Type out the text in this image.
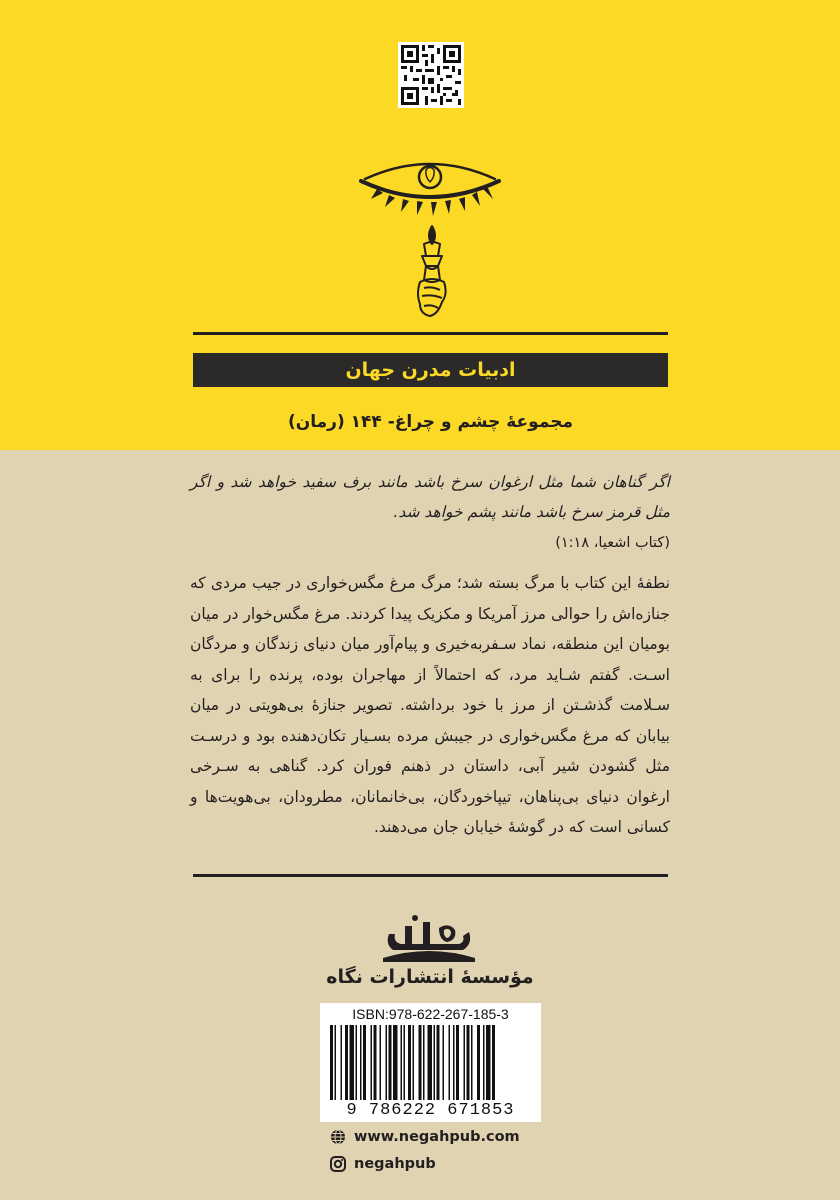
ادبیات مدرن جهان
مجموعۀ چشم و چراغ- ۱۴۴ (رمان)
اگر گناهان شما مثل ارغوان سرخ باشد مانند برف سفید خواهد شد و اگر مثل قرمز سرخ باشد مانند پشم خواهد شد.
(کتاب اشعیا، ۱:۱۸)
نطفۀ این کتاب با مرگ بسته شد؛ مرگ مرغ مگس‌خواری در جیب مردی که جنازه‌اش را حوالی مرز آمریکا و مکزیک پیدا کردند. مرغ مگس‌خوار در میان بومیان این منطقه، نماد سـفربه‌خیری و پیام‌آور میان دنیای زندگان و مردگان اسـت. گفتم شـاید مرد، که احتمالاً از مهاجران بوده، پرنده را برای به سـلامت گذشـتن از مرز با خود برداشته. تصویر جنازۀ بی‌هویتی در میان بیابان که مرغ مگس‌خواری در جیبش مرده بسـیار تکان‌دهنده بود و درسـت مثل گشودن شیر آبی، داستان در ذهنم فوران کرد. گناهی به سـرخی ارغوان دنیای بی‌پناهان، تیپاخوردگان، بی‌خانمانان، مطرودان، بی‌هویت‌ها و کسانی است که در گوشۀ خیابان جان می‌دهند.
نگاه
مؤسسۀ انتشارات نگاه
ISBN:978-622-267-185-3
9 786222 671853
www.negahpub.com
negahpub
